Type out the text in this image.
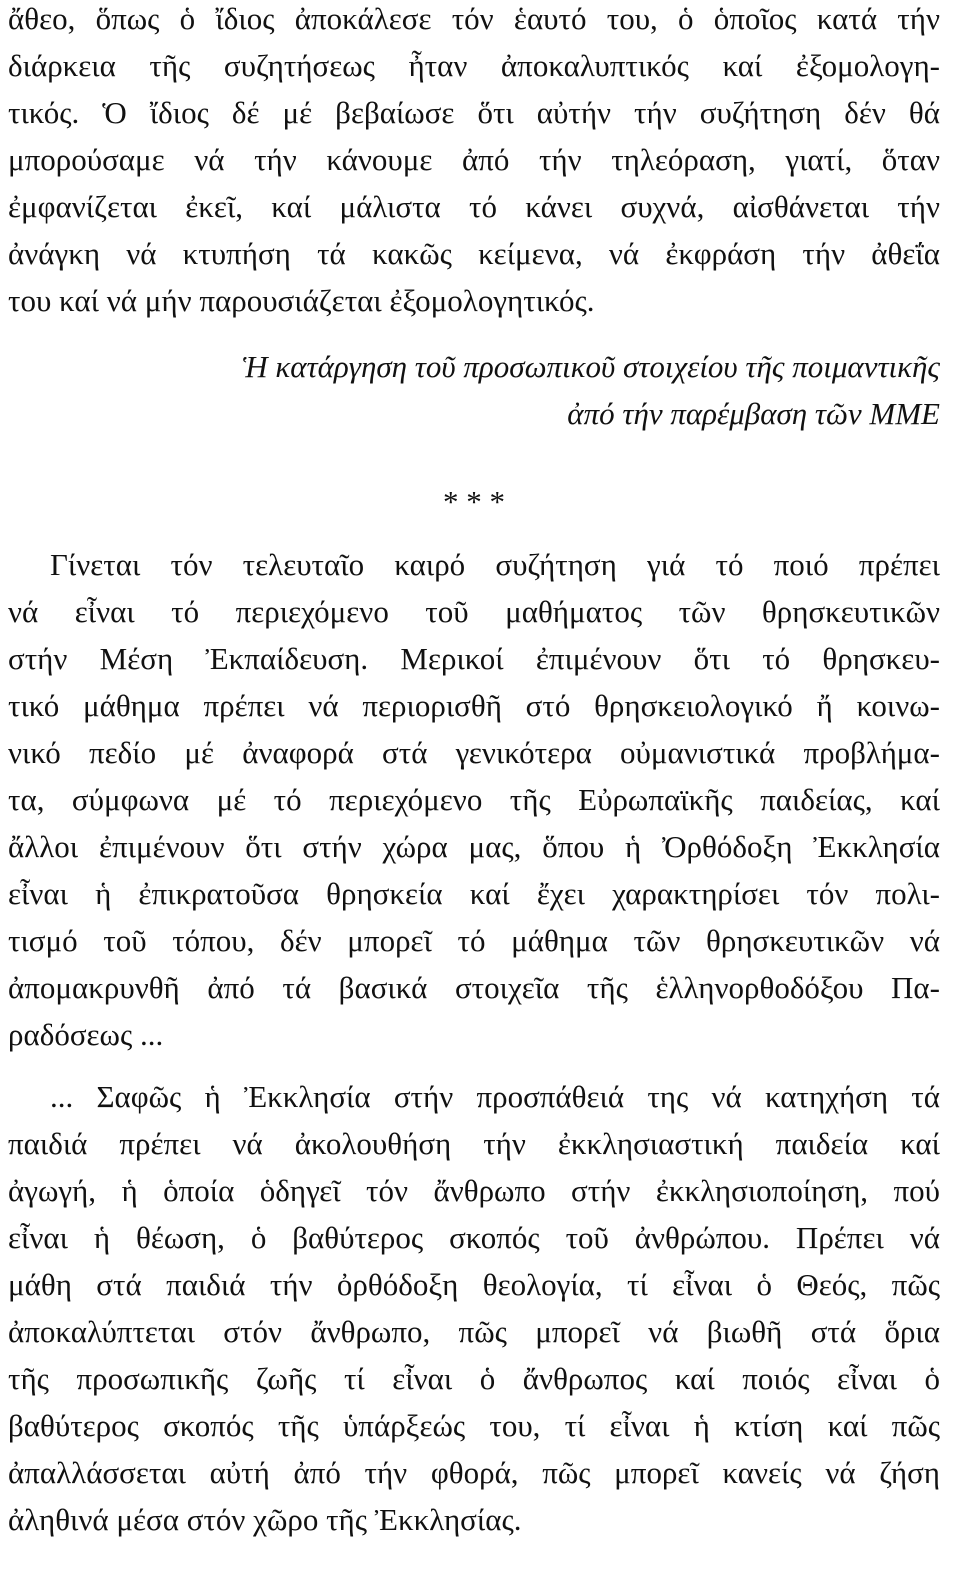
ἄθεο, ὅπως ὁ ἴδιος ἀποκάλεσε τόν ἑαυτό του, ὁ ὁποῖος κατά τήν
διάρκεια τῆς συζητήσεως ἦταν ἀποκαλυπτικός καί ἐξομολογη-
τικός. Ὁ ἴδιος δέ μέ βεβαίωσε ὅτι αὐτήν τήν συζήτηση δέν θά
μπορούσαμε νά τήν κάνουμε ἀπό τήν τηλεόραση, γιατί, ὅταν
ἐμφανίζεται ἐκεῖ, καί μάλιστα τό κάνει συχνά, αἰσθάνεται τήν
ἀνάγκη νά κτυπήση τά κακῶς κείμενα, νά ἐκφράση τήν ἀθεΐα
του καί νά μήν παρουσιάζεται ἐξομολογητικός.
Ἡ κατάργηση τοῦ προσωπικοῦ στοιχείου τῆς ποιμαντικῆς
ἀπό τήν παρέμβαση τῶν ΜΜΕ
* * *
Γίνεται τόν τελευταῖο καιρό συζήτηση γιά τό ποιό πρέπει
νά εἶναι τό περιεχόμενο τοῦ μαθήματος τῶν θρησκευτικῶν
στήν Μέση Ἐκπαίδευση. Μερικοί ἐπιμένουν ὅτι τό θρησκευ-
τικό μάθημα πρέπει νά περιορισθῆ στό θρησκειολογικό ἤ κοινω-
νικό πεδίο μέ ἀναφορά στά γενικότερα οὐμανιστικά προβλήμα-
τα, σύμφωνα μέ τό περιεχόμενο τῆς Εὐρωπαϊκῆς παιδείας, καί
ἄλλοι ἐπιμένουν ὅτι στήν χώρα μας, ὅπου ἡ Ὀρθόδοξη Ἐκκλησία
εἶναι ἡ ἐπικρατοῦσα θρησκεία καί ἔχει χαρακτηρίσει τόν πολι-
τισμό τοῦ τόπου, δέν μπορεῖ τό μάθημα τῶν θρησκευτικῶν νά
ἀπομακρυνθῆ ἀπό τά βασικά στοιχεῖα τῆς ἑλληνορθοδόξου Πα-
ραδόσεως ...
... Σαφῶς ἡ Ἐκκλησία στήν προσπάθειά της νά κατηχήση τά
παιδιά πρέπει νά ἀκολουθήση τήν ἐκκλησιαστική παιδεία καί
ἀγωγή, ἡ ὁποία ὁδηγεῖ τόν ἄνθρωπο στήν ἐκκλησιοποίηση, πού
εἶναι ἡ θέωση, ὁ βαθύτερος σκοπός τοῦ ἀνθρώπου. Πρέπει νά
μάθη στά παιδιά τήν ὀρθόδοξη θεολογία, τί εἶναι ὁ Θεός, πῶς
ἀποκαλύπτεται στόν ἄνθρωπο, πῶς μπορεῖ νά βιωθῆ στά ὅρια
τῆς προσωπικῆς ζωῆς τί εἶναι ὁ ἄνθρωπος καί ποιός εἶναι ὁ
βαθύτερος σκοπός τῆς ὑπάρξεώς του, τί εἶναι ἡ κτίση καί πῶς
ἀπαλλάσσεται αὐτή ἀπό τήν φθορά, πῶς μπορεῖ κανείς νά ζήση
ἀληθινά μέσα στόν χῶρο τῆς Ἐκκλησίας.
